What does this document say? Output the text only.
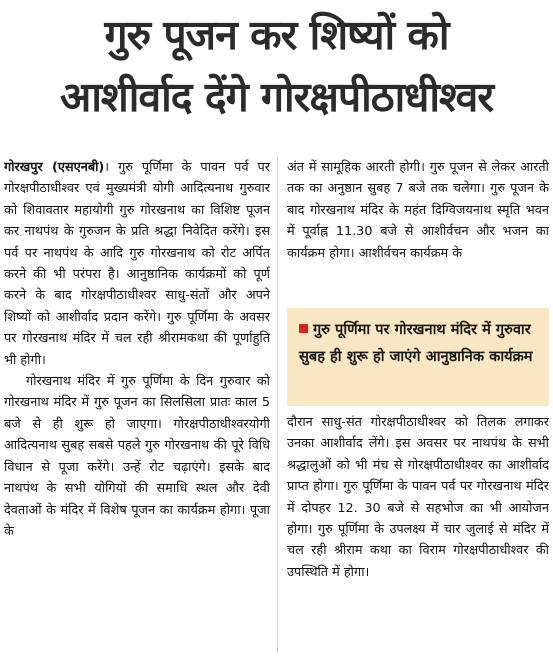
गुरु पूजन कर शिष्यों को
आशीर्वाद देंगे गोरक्षपीठाधीश्वर

गोरखपुर (एसएनबी)। गुरु पूर्णिमा के पावन पर्व पर गोरक्षपीठाधीश्वर एवं मुख्यमंत्री योगी आदित्यनाथ गुरुवार को शिवावतार महायोगी गुरु गोरखनाथ का विशिष्ट पूजन कर नाथपंथ के गुरुजन के प्रति श्रद्धा निवेदित करेंगे। इस पर्व पर नाथपंथ के आदि गुरु गोरखनाथ को रोट अर्पित करने की भी परंपरा है। आनुष्ठानिक कार्यक्रमों को पूर्ण करने के बाद गोरक्षपीठाधीश्वर साधु-संतों और अपने शिष्यों को आशीर्वाद प्रदान करेंगे। गुरु पूर्णिमा के अवसर पर गोरखनाथ मंदिर में चल रही श्रीरामकथा की पूर्णाहुति भी होगी।

गोरखनाथ मंदिर में गुरु पूर्णिमा के दिन गुरुवार को गोरखनाथ मंदिर में गुरु पूजन का सिलसिला प्रातः काल 5 बजे से ही शुरू हो जाएगा। गोरक्षपीठाधीश्वरयोगी आदित्यनाथ सुबह सबसे पहले गुरु गोरखनाथ की पूरे विधि विधान से पूजा करेंगे। उन्हें रोट चढ़ाएंगे। इसके बाद नाथपंथ के सभी योगियों की समाधि स्थल और देवी देवताओं के मंदिर में विशेष पूजन का कार्यक्रम होगा। पूजा के

अंत में सामूहिक आरती होगी। गुरु पूजन से लेकर आरती तक का अनुष्ठान सुबह 7 बजे तक चलेगा। गुरु पूजन के बाद गोरखनाथ मंदिर के महंत दिग्विजयनाथ स्मृति भवन में पूर्वाह्न 11.30 बजे से आशीर्वचन और भजन का कार्यक्रम होगा। आशीर्वचन कार्यक्रम के

गुरु पूर्णिमा पर गोरखनाथ मंदिर में गुरुवार सुबह ही शुरू हो जाएंगे आनुष्ठानिक कार्यक्रम

दौरान साधु-संत गोरक्षपीठाधीश्वर को तिलक लगाकर उनका आशीर्वाद लेंगे। इस अवसर पर नाथपंथ के सभी श्रद्धालुओं को भी मंच से गोरक्षपीठाधीश्वर का आशीर्वाद प्राप्त होगा। गुरु पूर्णिमा के पावन पर्व पर गोरखनाथ मंदिर में दोपहर 12. 30 बजे से सहभोज का भी आयोजन होगा। गुरु पूर्णिमा के उपलक्ष्य में चार जुलाई से मंदिर में चल रही श्रीराम कथा का विराम गोरक्षपीठाधीश्वर की उपस्थिति में होगा।
